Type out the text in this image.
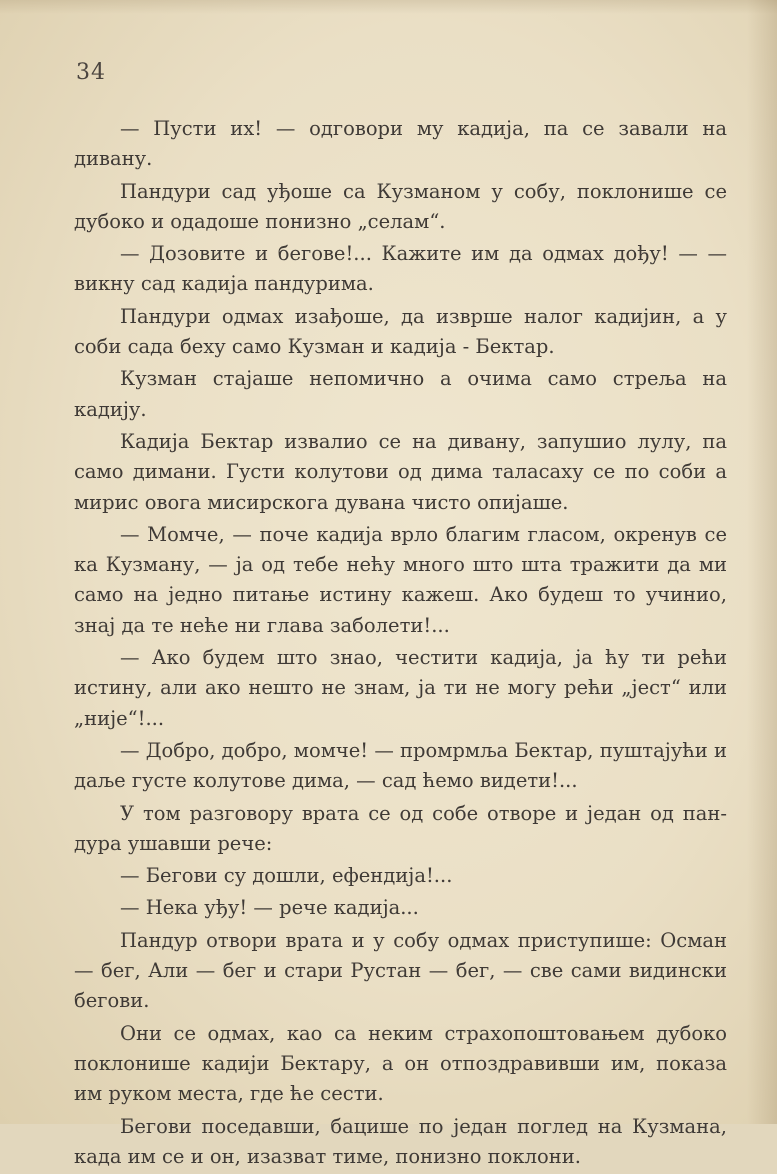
34

— Пусти их! — одговори му кадија, па се завали на дивану.

Пандури сад уђоше са Кузманом у собу, поклонише се дубоко и одадоше понизно „селам“.

— Дозовите и бегове!... Кажите им да одмах дођу! — — викну сад кадија пандурима.

Пандури одмах изађоше, да изврше налог кадијин, а у соби сада беху само Кузман и кадија - Бектар.

Кузман стајаше непомично а очима само стреља на кадију.

Кадија Бектар извалио се на дивану, запушио лулу, па само димани. Густи колутови од дима таласаху се по соби а мирис овога мисирскога дувана чисто опијаше.

— Момче, — поче кадија врло благим гласом, окренув се ка Кузману, — ја од тебе нећу много што шта тражити да ми само на једно питање истину кажеш. Ако будеш то учинио, знај да те неће ни глава заболети!...

— Ако будем што знао, честити кадија, ја ћу ти рећи истину, али ако нешто не знам, ја ти не могу рећи „јест“ или „није“!...

— Добро, добро, момче! — промрмља Бектар, пуштајући и даље густе колутове дима, — сад ћемо видети!...

У том разговору врата се од собе отворе и један од пандура ушавши рече:

— Бегови су дошли, ефендија!...

— Нека уђу! — рече кадија...

Пандур отвори врата и у собу одмах приступише: Осман — бег, Али — бег и стари Рустан — бег, — све сами видински бегови.

Они се одмах, као са неким страхопоштовањем дубоко поклонише кадији Бектару, а он отпоздравивши им, показа им руком места, где ће сести.

Бегови поседавши, бацише по један поглед на Кузмана, када им се и он, изазват тиме, понизно поклони.
